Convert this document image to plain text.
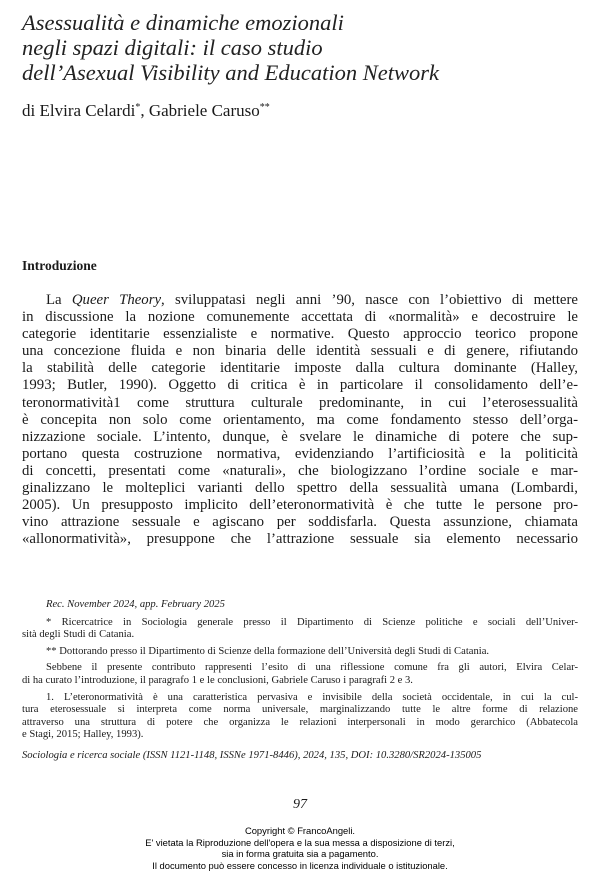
Asessualità e dinamiche emozionali
negli spazi digitali: il caso studio
dell’Asexual Visibility and Education Network
di Elvira Celardi*, Gabriele Caruso**
Introduzione
La Queer Theory, sviluppatasi negli anni ’90, nasce con l’obiettivo di mettere
in discussione la nozione comunemente accettata di «normalità» e decostruire le
categorie identitarie essenzialiste e normative. Questo approccio teorico propone
una concezione fluida e non binaria delle identità sessuali e di genere, rifiutando
la stabilità delle categorie identitarie imposte dalla cultura dominante (Halley,
1993; Butler, 1990). Oggetto di critica è in particolare il consolidamento dell’e-
teronormatività1 come struttura culturale predominante, in cui l’eterosessualità
è concepita non solo come orientamento, ma come fondamento stesso dell’orga-
nizzazione sociale. L’intento, dunque, è svelare le dinamiche di potere che sup-
portano questa costruzione normativa, evidenziando l’artificiosità e la politicità
di concetti, presentati come «naturali», che biologizzano l’ordine sociale e mar-
ginalizzano le molteplici varianti dello spettro della sessualità umana (Lombardi,
2005). Un presupposto implicito dell’eteronormatività è che tutte le persone pro-
vino attrazione sessuale e agiscano per soddisfarla. Questa assunzione, chiamata
«allonormatività», presuppone che l’attrazione sessuale sia elemento necessario

Rec. November 2024, app. February 2025

* Ricercatrice in Sociologia generale presso il Dipartimento di Scienze politiche e sociali dell’Univer-
sità degli Studi di Catania.

** Dottorando presso il Dipartimento di Scienze della formazione dell’Università degli Studi di Catania.

Sebbene il presente contributo rappresenti l’esito di una riflessione comune fra gli autori, Elvira Celar-
di ha curato l’introduzione, il paragrafo 1 e le conclusioni, Gabriele Caruso i paragrafi 2 e 3.

1. L’eteronormatività è una caratteristica pervasiva e invisibile della società occidentale, in cui la cul-
tura eterosessuale si interpreta come norma universale, marginalizzando tutte le altre forme di relazione
attraverso una struttura di potere che organizza le relazioni interpersonali in modo gerarchico (Abbatecola
e Stagi, 2015; Halley, 1993).

Sociologia e ricerca sociale (ISSN 1121-1148, ISSNe 1971-8446), 2024, 135, DOI: 10.3280/SR2024-135005
97
Copyright © FrancoAngeli.
E' vietata la Riproduzione dell'opera e la sua messa a disposizione di terzi,
sia in forma gratuita sia a pagamento.
Il documento può essere concesso in licenza individuale o istituzionale.
